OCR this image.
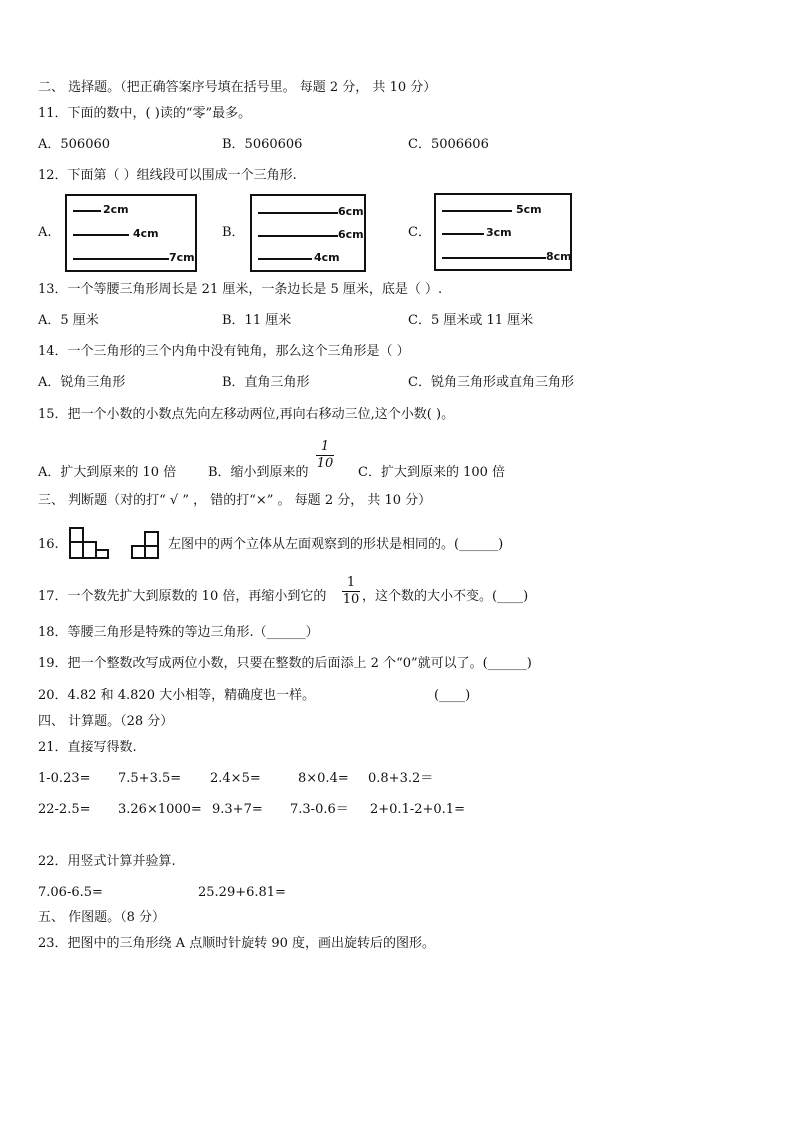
二、 选择题。（把正确答案序号填在括号里。 每题 2 分， 共 10 分）
11．下面的数中，( )读的“零”最多。
A．506060	B．5060606	C．5006606
12．下面第（ ）组线段可以围成一个三角形.
A.
2cm
4cm
7cm
B．
6cm
6cm
4cm
C．
5cm
3cm
8cm
13．一个等腰三角形周长是 21 厘米，一条边长是 5 厘米，底是（ ）.
A．5 厘米	B．11 厘米	C．5 厘米或 11 厘米
14．一个三角形的三个内角中没有钝角，那么这个三角形是（ ）
A．锐角三角形	B．直角三角形	C．锐角三角形或直角三角形
15．把一个小数的小数点先向左移动两位,再向右移动三位,这个小数( )。
A．扩大到原来的 10 倍 B．缩小到原来的
1
10
C．扩大到原来的 100 倍
三、 判断题（对的打“ √ ” ， 错的打“×” 。 每题 2 分， 共 10 分）
16.	左图中的两个立体从左面观察到的形状是相同的。(______)
17．一个数先扩大到原数的 10 倍，再缩小到它的
1
10 ，这个数的大小不变。(____)
18．等腰三角形是特殊的等边三角形.（______）
19．把一个整数改写成两位小数，只要在整数的后面添上 2 个“0”就可以了。(______)
20．4.82 和 4.820 大小相等，精确度也一样。	(____)
四、 计算题。（28 分）
21．直接写得数.
1-0.23= 7.5+3.5= 2.4×5=	8×0.4= 0.8+3.2＝
22-2.5= 3.26×1000= 9.3+7= 7.3-0.6＝ 2+0.1-2+0.1=
22．用竖式计算并验算.
7.06-6.5=	25.29+6.81=
五、 作图题。（8 分）
23．把图中的三角形绕 A 点顺时针旋转 90 度，画出旋转后的图形。
